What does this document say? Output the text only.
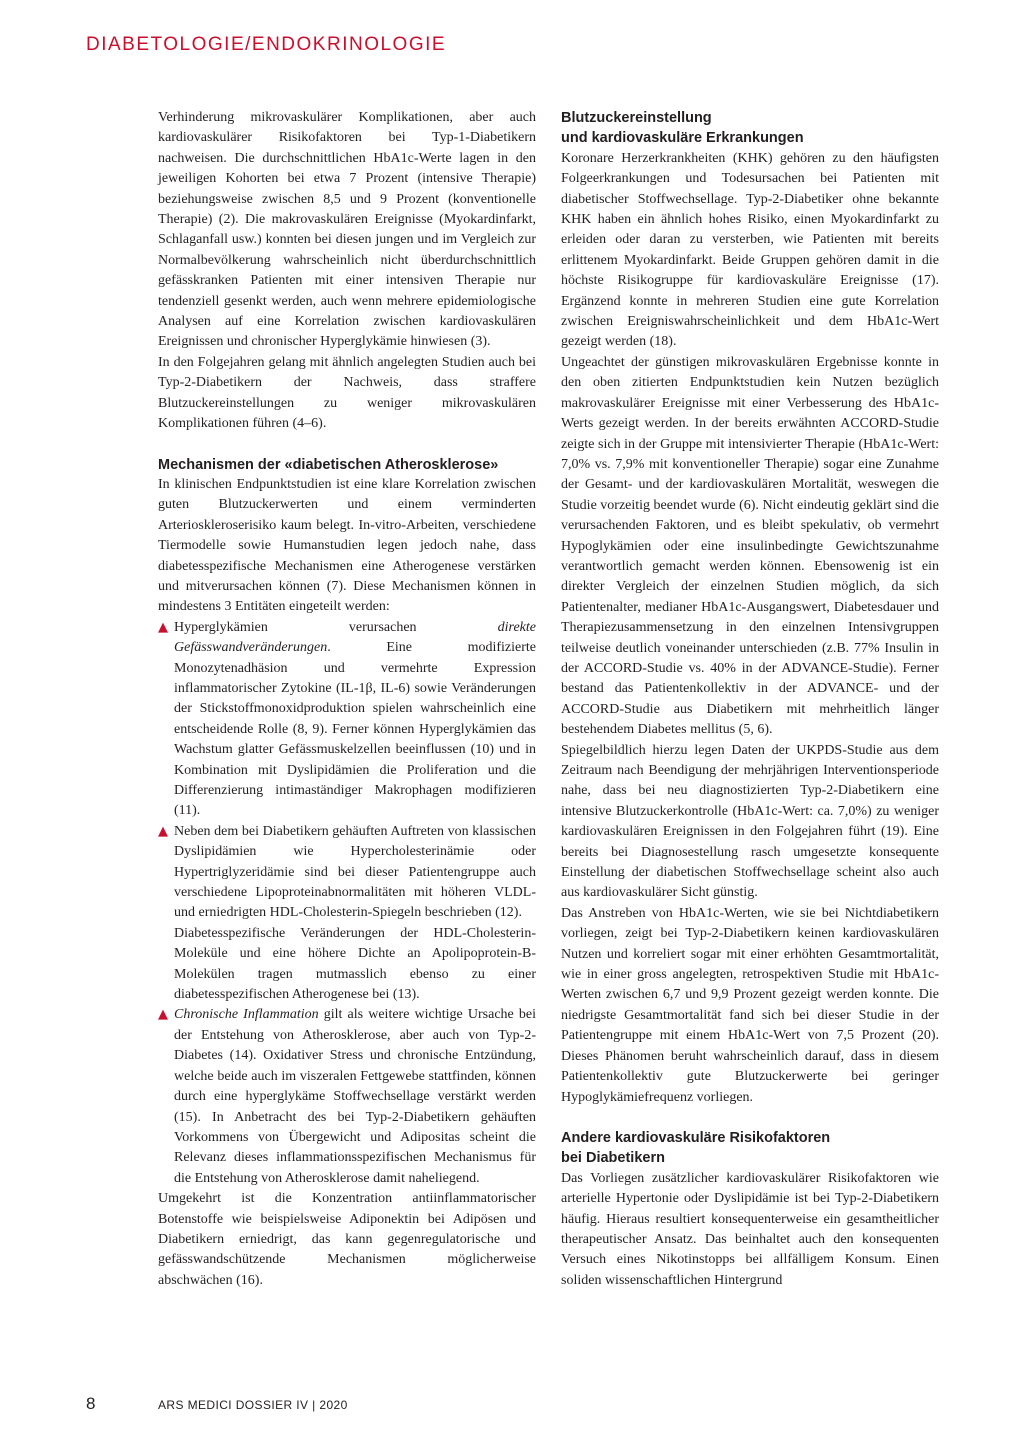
DIABETOLOGIE/ENDOKRINOLOGIE

Verhinderung mikrovaskulärer Komplikationen, aber auch kardiovaskulärer Risikofaktoren bei Typ-1-Diabetikern nachweisen. Die durchschnittlichen HbA1c-Werte lagen in den jeweiligen Kohorten bei etwa 7 Prozent (intensive Therapie) beziehungsweise zwischen 8,5 und 9 Prozent (konventionelle Therapie) (2). Die makrovaskulären Ereignisse (Myokardinfarkt, Schlaganfall usw.) konnten bei diesen jungen und im Vergleich zur Normalbevölkerung wahrscheinlich nicht überdurchschnittlich gefässkranken Patienten mit einer intensiven Therapie nur tendenziell gesenkt werden, auch wenn mehrere epidemiologische Analysen auf eine Korrelation zwischen kardiovaskulären Ereignissen und chronischer Hyperglykämie hinwiesen (3).

In den Folgejahren gelang mit ähnlich angelegten Studien auch bei Typ-2-Diabetikern der Nachweis, dass straffere Blutzuckereinstellungen zu weniger mikrovaskulären Komplikationen führen (4–6).

Mechanismen der «diabetischen Atherosklerose»

In klinischen Endpunktstudien ist eine klare Korrelation zwischen guten Blutzuckerwerten und einem verminderten Arterioskleroserisiko kaum belegt. In-vitro-Arbeiten, verschiedene Tiermodelle sowie Humanstudien legen jedoch nahe, dass diabetesspezifische Mechanismen eine Atherogenese verstärken und mitverursachen können (7). Diese Mechanismen können in mindestens 3 Entitäten eingeteilt werden:

▲ Hyperglykämien verursachen direkte Gefässwandveränderungen. Eine modifizierte Monozytenadhäsion und vermehrte Expression inflammatorischer Zytokine (IL-1β, IL-6) sowie Veränderungen der Stickstoffmonoxidproduktion spielen wahrscheinlich eine entscheidende Rolle (8, 9). Ferner können Hyperglykämien das Wachstum glatter Gefässmuskelzellen beeinflussen (10) und in Kombination mit Dyslipidämien die Proliferation und die Differenzierung intimaständiger Makrophagen modifizieren (11).
▲ Neben dem bei Diabetikern gehäuften Auftreten von klassischen Dyslipidämien wie Hypercholesterinämie oder Hypertriglyzeridämie sind bei dieser Patientengruppe auch verschiedene Lipoproteinabnormalitäten mit höheren VLDL- und erniedrigten HDL-Cholesterin-Spiegeln beschrieben (12).

Diabetesspezifische Veränderungen der HDL-Cholesterin-Moleküle und eine höhere Dichte an Apolipoprotein-B-Molekülen tragen mutmasslich ebenso zu einer diabetesspezifischen Atherogenese bei (13).

▲ Chronische Inflammation gilt als weitere wichtige Ursache bei der Entstehung von Atherosklerose, aber auch von Typ-2-Diabetes (14). Oxidativer Stress und chronische Entzündung, welche beide auch im viszeralen Fettgewebe stattfinden, können durch eine hyperglykäme Stoffwechsellage verstärkt werden (15). In Anbetracht des bei Typ-2-Diabetikern gehäuften Vorkommens von Übergewicht und Adipositas scheint die Relevanz dieses inflammationsspezifischen Mechanismus für die Entstehung von Atherosklerose damit naheliegend.

Umgekehrt ist die Konzentration antiinflammatorischer Botenstoffe wie beispielsweise Adiponektin bei Adipösen und Diabetikern erniedrigt, das kann gegenregulatorische und gefässwandschützende Mechanismen möglicherweise abschwächen (16).

Blutzuckereinstellung
und kardiovaskuläre Erkrankungen

Koronare Herzerkrankheiten (KHK) gehören zu den häufigsten Folgeerkrankungen und Todesursachen bei Patienten mit diabetischer Stoffwechsellage. Typ-2-Diabetiker ohne bekannte KHK haben ein ähnlich hohes Risiko, einen Myokardinfarkt zu erleiden oder daran zu versterben, wie Patienten mit bereits erlittenem Myokardinfarkt. Beide Gruppen gehören damit in die höchste Risikogruppe für kardiovaskuläre Ereignisse (17). Ergänzend konnte in mehreren Studien eine gute Korrelation zwischen Ereigniswahrscheinlichkeit und dem HbA1c-Wert gezeigt werden (18).

Ungeachtet der günstigen mikrovaskulären Ergebnisse konnte in den oben zitierten Endpunktstudien kein Nutzen bezüglich makrovaskulärer Ereignisse mit einer Verbesserung des HbA1c-Werts gezeigt werden. In der bereits erwähnten ACCORD-Studie zeigte sich in der Gruppe mit intensivierter Therapie (HbA1c-Wert: 7,0% vs. 7,9% mit konventioneller Therapie) sogar eine Zunahme der Gesamt- und der kardiovaskulären Mortalität, weswegen die Studie vorzeitig beendet wurde (6). Nicht eindeutig geklärt sind die verursachenden Faktoren, und es bleibt spekulativ, ob vermehrt Hypoglykämien oder eine insulinbedingte Gewichtszunahme verantwortlich gemacht werden können. Ebensowenig ist ein direkter Vergleich der einzelnen Studien möglich, da sich Patientenalter, medianer HbA1c-Ausgangswert, Diabetesdauer und Therapiezusammensetzung in den einzelnen Intensivgruppen teilweise deutlich voneinander unterschieden (z.B. 77% Insulin in der ACCORD-Studie vs. 40% in der ADVANCE-Studie). Ferner bestand das Patientenkollektiv in der ADVANCE- und der ACCORD-Studie aus Diabetikern mit mehrheitlich länger bestehendem Diabetes mellitus (5, 6).

Spiegelbildlich hierzu legen Daten der UKPDS-Studie aus dem Zeitraum nach Beendigung der mehrjährigen Interventionsperiode nahe, dass bei neu diagnostizierten Typ-2-Diabetikern eine intensive Blutzuckerkontrolle (HbA1c-Wert: ca. 7,0%) zu weniger kardiovaskulären Ereignissen in den Folgejahren führt (19). Eine bereits bei Diagnosestellung rasch umgesetzte konsequente Einstellung der diabetischen Stoffwechsellage scheint also auch aus kardiovaskulärer Sicht günstig.

Das Anstreben von HbA1c-Werten, wie sie bei Nichtdiabetikern vorliegen, zeigt bei Typ-2-Diabetikern keinen kardiovaskulären Nutzen und korreliert sogar mit einer erhöhten Gesamtmortalität, wie in einer gross angelegten, retrospektiven Studie mit HbA1c-Werten zwischen 6,7 und 9,9 Prozent gezeigt werden konnte. Die niedrigste Gesamtmortalität fand sich bei dieser Studie in der Patientengruppe mit einem HbA1c-Wert von 7,5 Prozent (20). Dieses Phänomen beruht wahrscheinlich darauf, dass in diesem Patientenkollektiv gute Blutzuckerwerte bei geringer Hypoglykämiefrequenz vorliegen.

Andere kardiovaskuläre Risikofaktoren
bei Diabetikern

Das Vorliegen zusätzlicher kardiovaskulärer Risikofaktoren wie arterielle Hypertonie oder Dyslipidämie ist bei Typ-2-Diabetikern häufig. Hieraus resultiert konsequenterweise ein gesamtheitlicher therapeutischer Ansatz. Das beinhaltet auch den konsequenten Versuch eines Nikotinstopps bei allfälligem Konsum. Einen soliden wissenschaftlichen Hintergrund

8	ARS MEDICI DOSSIER IV | 2020
